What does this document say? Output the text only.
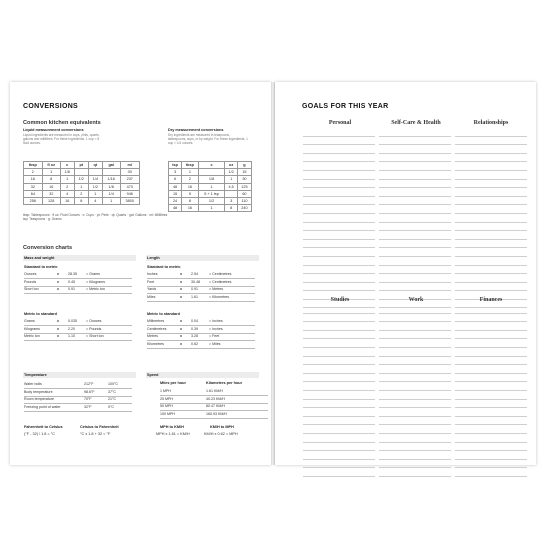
CONVERSIONS
Common kitchen equivalents
Liquid measurement conversions
Liquid ingredients are measured in cups, pints, quarts, gallons and millilitres. For these ingredients, 1 cup = 8 fluid ounces.
tbsp	fl oz	c	pt	qt	gal	ml
2	1	1/8				30
16	8	1	1/2	1/4	1/16	237
32	16	2	1	1/2	1/8	473
64	32	4	2	1	1/4	946
256	128	16	8	4	1	3800
Dry measurement conversions
Dry ingredients are measured in teaspoons, tablespoons, cups, or by weight. For these ingredients, 1 cup = 4.5 ounces.
tsp	tbsp	c	oz	g
3	1		1/2	15
6	2	1/8	1	30
48	16	1	4.5	125
15	5	5 + 1 tsp		60
24	8	1/2	3	110
48	16	1	8	240
tbsp: Tablespoons · fl oz: Fluid Ounces · c: Cups · pt: Pints · qt: Quarts · gal: Gallons · ml: Millilitres
tsp: Teaspoons · g: Grams
Conversion charts
Mass and weight
Standard to metric
Metric to standard
Length
Standard to metric
Metric to standard
Temperature
Fahrenheit to Celsius
(°F - 32) / 1.8 = °C
Celsius to Fahrenheit
°C x 1.8 + 32 = °F
Speed
Miles per hour	Kilometres per hour
MPH to KM/H
MPH x 1.61 = KM/H
KM/H to MPH
KM/H x 0.62 = MPH
Ounces	x	28.35	= Grams
Pounds	x	0.45	= Kilograms
Short ton	x	0.91	= Metric ton
Grams	x	0.035	= Ounces
Kilograms	x	2.20	= Pounds
Metric ton	x	1.10	= Short ton
Inches	x	2.54	= Centimetres
Feet	x	30.48	= Centimetres
Yards	x	0.91	= Metres
Miles	x	1.61	= Kilometres
Millimetres	x	0.04	= Inches
Centimetres	x	0.39	= Inches
Metres	x	3.28	= Feet
Kilometres	x	0.62	= Miles
Water boils	212°F	100°C
Body temperature	98.6°F	37°C
Room temperature	70°F	21°C
Freezing point of water	32°F	0°C
1 MPH	1.61 KM/H
25 MPH	40.23 KM/H
50 MPH	80.47 KM/H
100 MPH	160.93 KM/H
GOALS FOR THIS YEAR
Personal	Self-Care & Health	Relationships
Studies	Work	Finances
